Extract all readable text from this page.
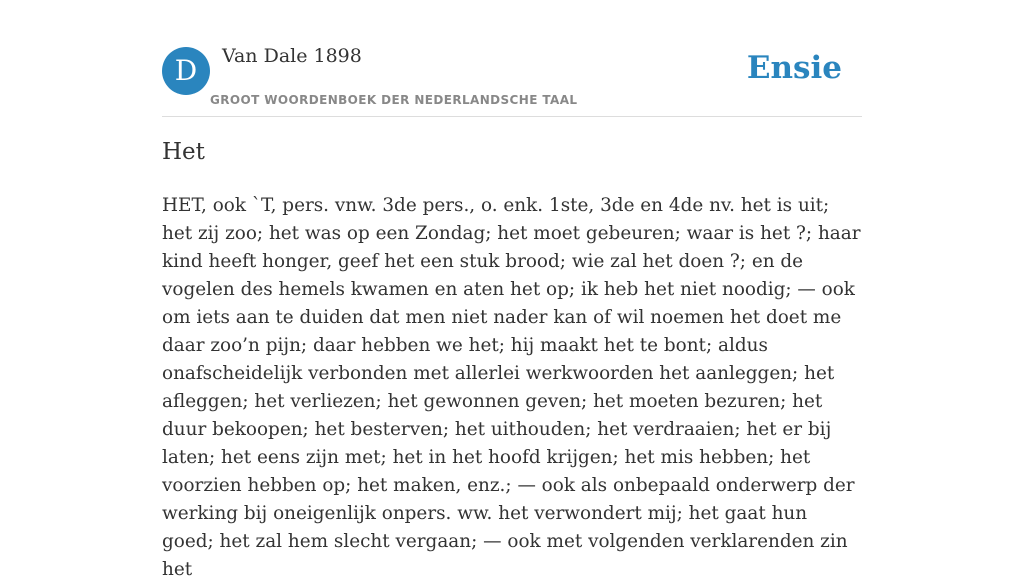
D	Van Dale 1898
GROOT WOORDENBOEK DER NEDERLANDSCHE TAAL
Ensie
Het

HET, ook `T, pers. vnw. 3de pers., o. enk. 1ste, 3de en 4de nv. het is uit; het zij zoo; het was op een Zondag; het moet gebeuren; waar is het ?; haar kind heeft honger, geef het een stuk brood; wie zal het doen ?; en de vogelen des hemels kwamen en aten het op; ik heb het niet noodig; — ook om iets aan te duiden dat men niet nader kan of wil noemen het doet me daar zoo’n pijn; daar hebben we het; hij maakt het te bont; aldus onafscheidelijk verbonden met allerlei werkwoorden het aanleggen; het afleggen; het verliezen; het gewonnen geven; het moeten bezuren; het duur bekoopen; het besterven; het uithouden; het verdraaien; het er bij laten; het eens zijn met; het in het hoofd krijgen; het mis hebben; het voorzien hebben op; het maken, enz.; — ook als onbepaald onderwerp der werking bij oneigenlijk onpers. ww. het verwondert mij; het gaat hun goed; het zal hem slecht vergaan; — ook met volgenden verklarenden zin het
